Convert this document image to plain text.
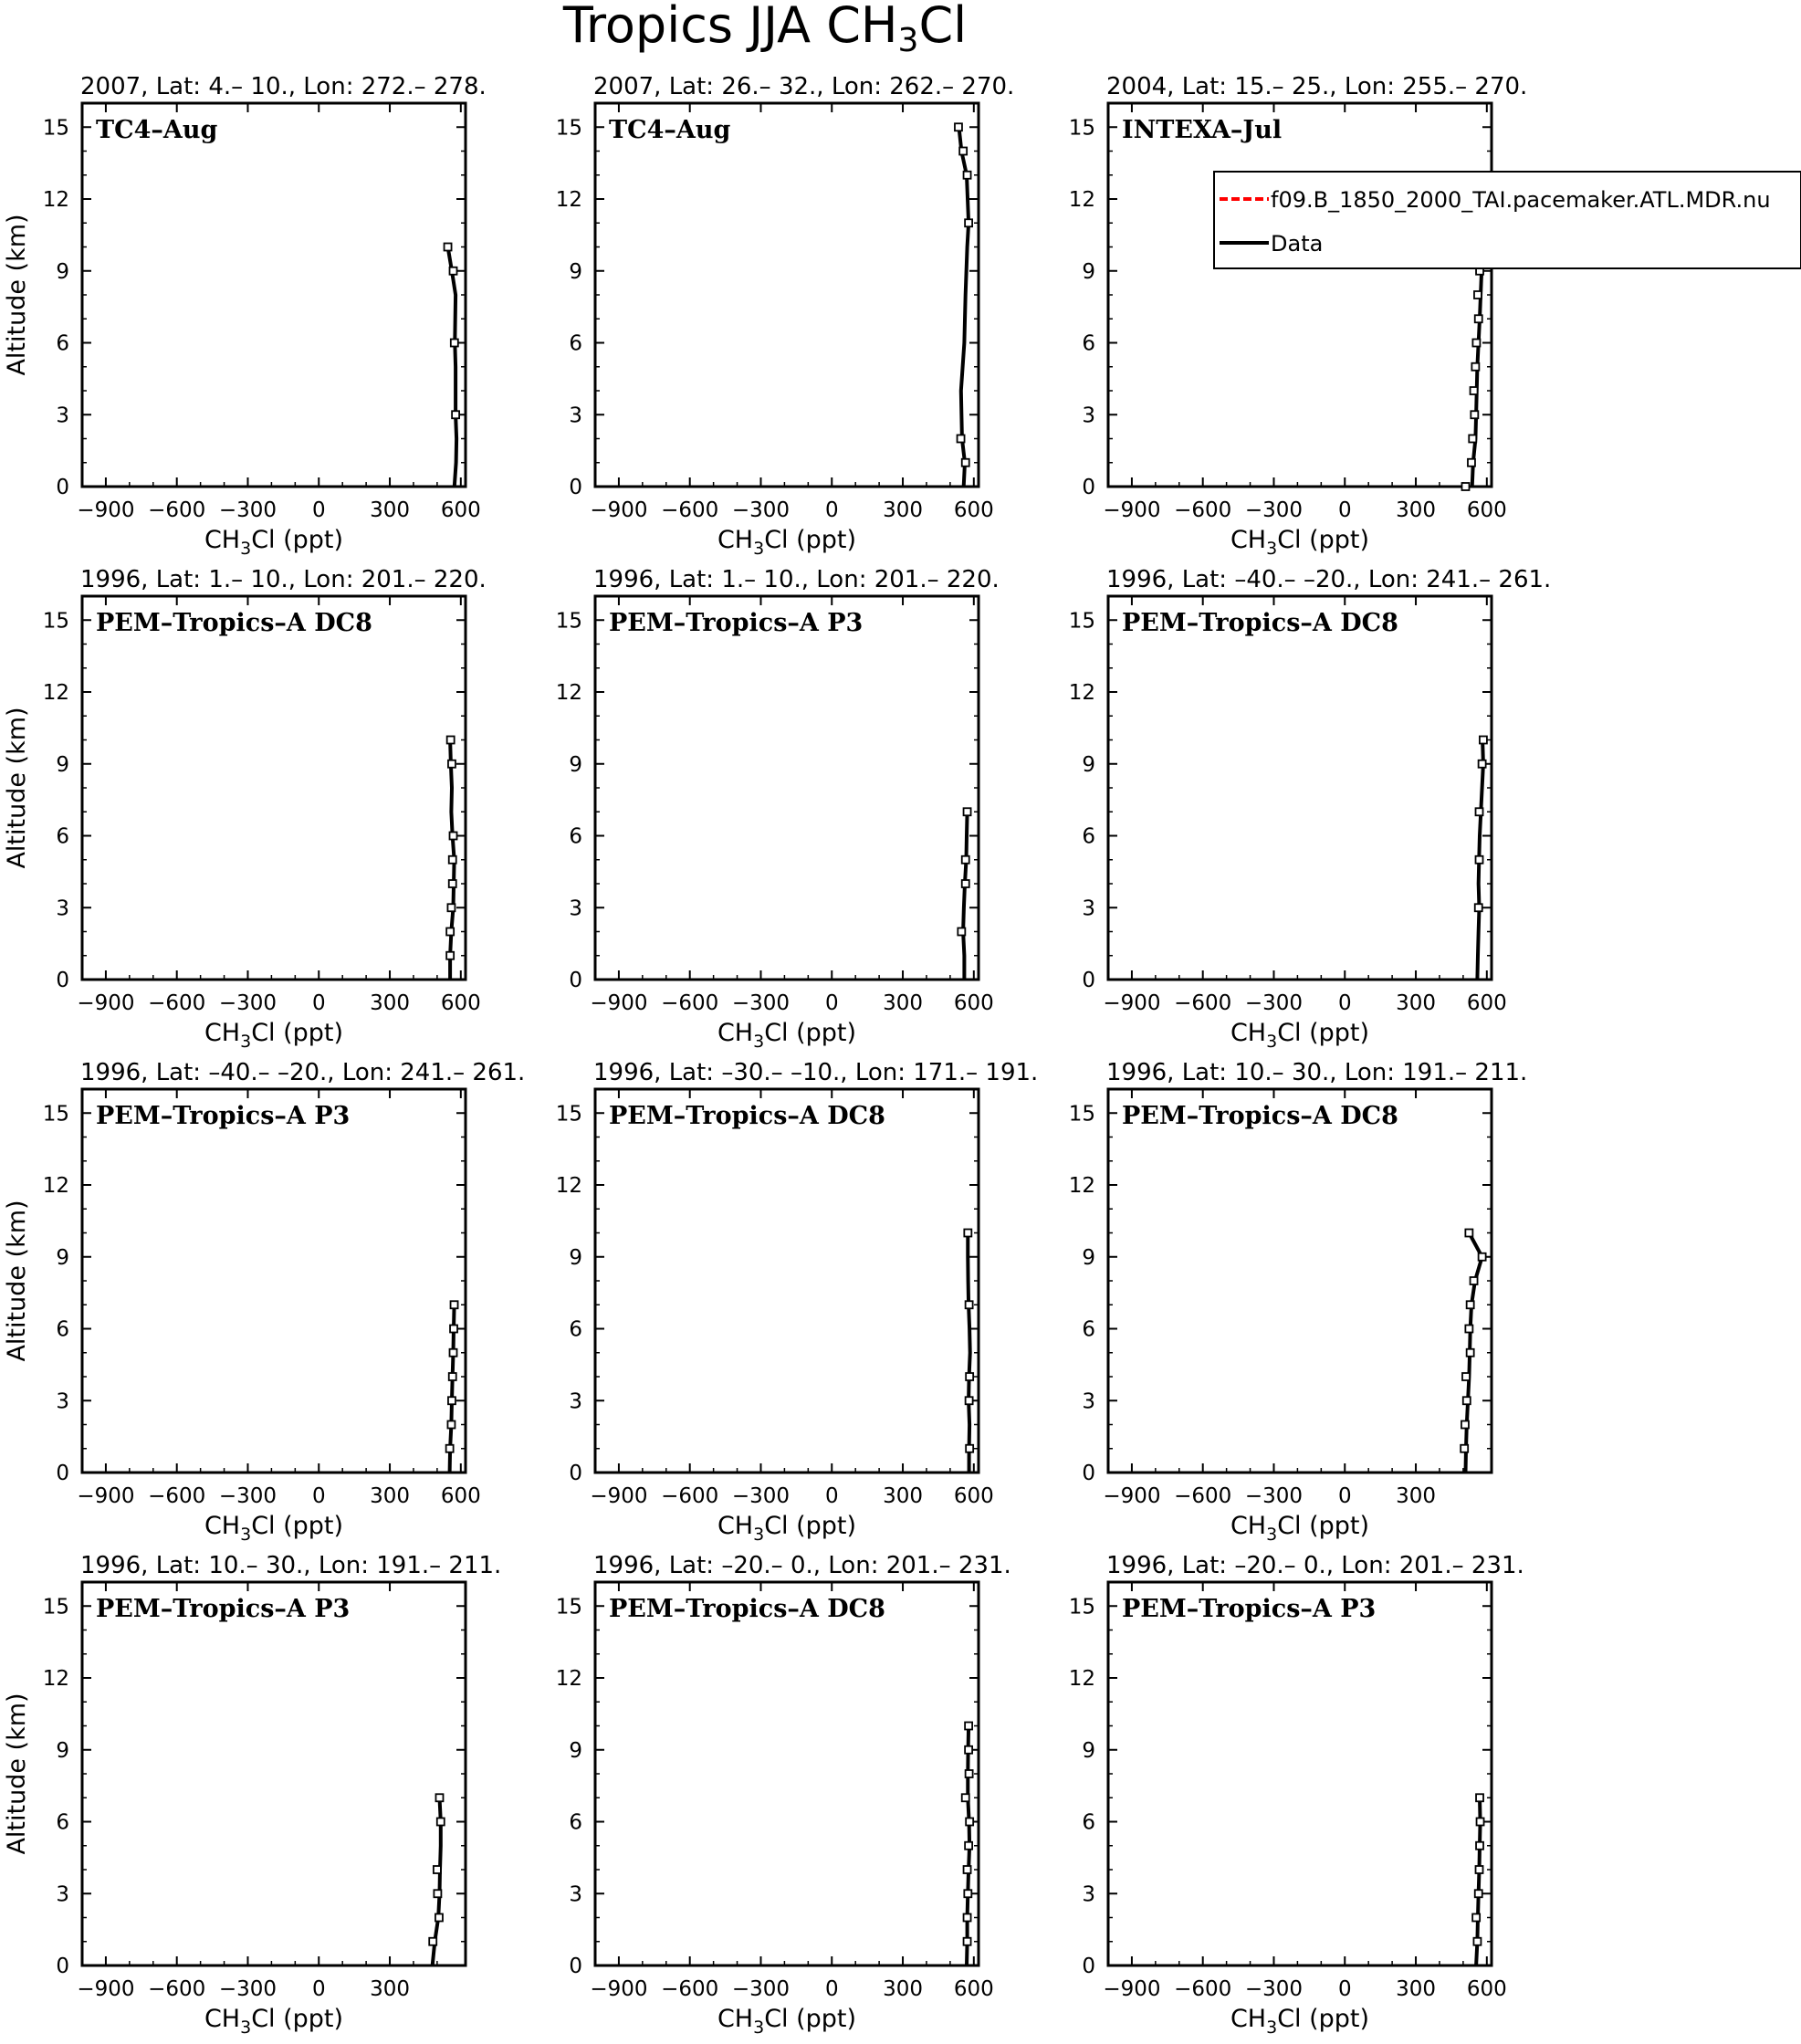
Tropics JJA CH3Cl
2007, Lat: 4.– 10., Lon: 272.– 278.
TC4–Aug
−900 −600 −300 0 300 600
0
3
6
9
12
15
$CH_3Cl$ (ppt)
Altitude (km)
2007, Lat: 26.– 32., Lon: 262.– 270.
TC4–Aug
−900 −600 −300 0 300 600
0
3
6
9
12
15
$CH_3Cl$ (ppt)
2004, Lat: 15.– 25., Lon: 255.– 270.
INTEXA–Jul
−900 −600 −300 0 300 600
0
3
6
9
12
15
$CH_3Cl$ (ppt)
1996, Lat: 1.– 10., Lon: 201.– 220.
PEM–Tropics–A DC8
−900 −600 −300 0 300 600
0
3
6
9
12
15
$CH_3Cl$ (ppt)
Altitude (km)
1996, Lat: 1.– 10., Lon: 201.– 220.
PEM–Tropics–A P3
−900 −600 −300 0 300 600
0
3
6
9
12
15
$CH_3Cl$ (ppt)
1996, Lat: –40.– –20., Lon: 241.– 261.
PEM–Tropics–A DC8
−900 −600 −300 0 300 600
0
3
6
9
12
15
$CH_3Cl$ (ppt)
1996, Lat: –40.– –20., Lon: 241.– 261.
PEM–Tropics–A P3
−900 −600 −300 0 300 600
0
3
6
9
12
15
$CH_3Cl$ (ppt)
Altitude (km)
1996, Lat: –30.– –10., Lon: 171.– 191.
PEM–Tropics–A DC8
−900 −600 −300 0 300 600
0
3
6
9
12
15
$CH_3Cl$ (ppt)
1996, Lat: 10.– 30., Lon: 191.– 211.
PEM–Tropics–A DC8
−900 −600 −300 0 300
0
3
6
9
12
15
$CH_3Cl$ (ppt)
1996, Lat: 10.– 30., Lon: 191.– 211.
PEM–Tropics–A P3
−900 −600 −300 0 300
0
3
6
9
12
15
$CH_3Cl$ (ppt)
Altitude (km)
1996, Lat: –20.– 0., Lon: 201.– 231.
PEM–Tropics–A DC8
−900 −600 −300 0 300 600
0
3
6
9
12
15
$CH_3Cl$ (ppt)
1996, Lat: –20.– 0., Lon: 201.– 231.
PEM–Tropics–A P3
−900 −600 −300 0 300 600
0
3
6
9
12
15
$CH_3Cl$ (ppt)
f09.B_1850_2000_TAI.pacemaker.ATL.MDR.nu
Data
